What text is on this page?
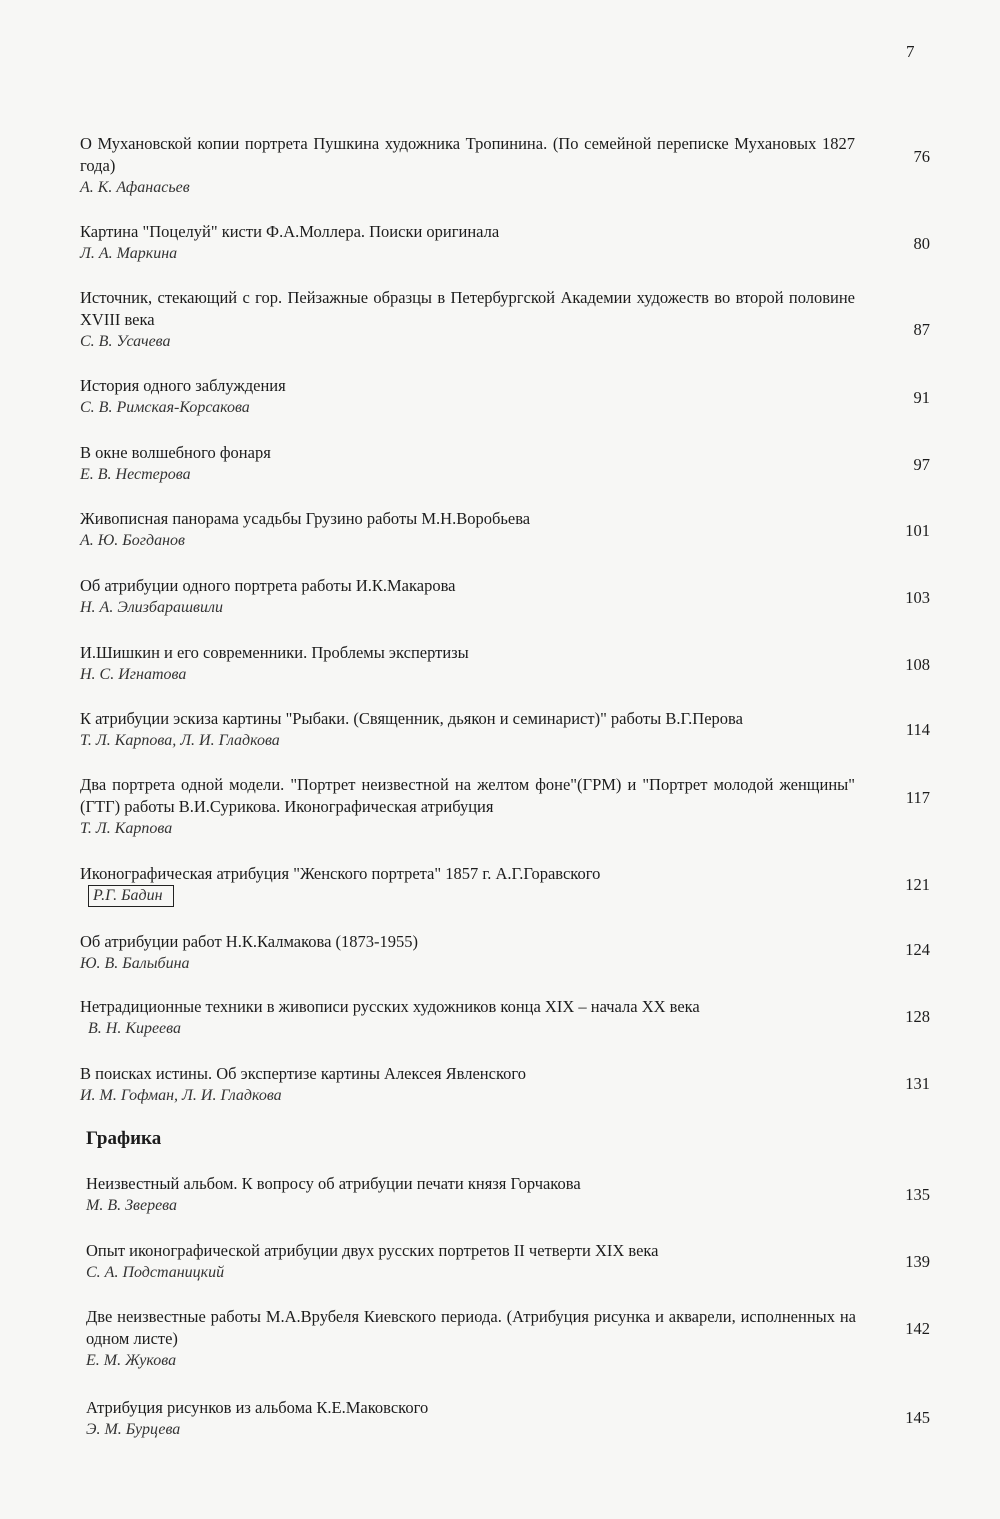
7
О Мухановской копии портрета Пушкина художника Тропинина. (По семейной переписке Мухановых 1827 года)
А. К. Афанасьев
76
Картина "Поцелуй" кисти Ф.А.Моллера. Поиски оригинала
Л. А. Маркина
80
Источник, стекающий с гор. Пейзажные образцы в Петербургской Академии художеств во второй половине XVIII века
С. В. Усачева
87
История одного заблуждения
С. В. Римская-Корсакова
91
В окне волшебного фонаря
Е. В. Нестерова
97
Живописная панорама усадьбы Грузино работы М.Н.Воробьева
А. Ю. Богданов
101
Об атрибуции одного портрета работы И.К.Макарова
Н. А. Элизбарашвили
103
И.Шишкин и его современники. Проблемы экспертизы
Н. С. Игнатова
108
К атрибуции эскиза картины "Рыбаки. (Священник, дьякон и семинарист)" работы В.Г.Перова
Т. Л. Карпова, Л. И. Гладкова
114
Два портрета одной модели. "Портрет неизвестной на желтом фоне"(ГРМ) и "Портрет молодой женщины"(ГТГ) работы В.И.Сурикова. Иконографическая атрибуция
Т. Л. Карпова
117
Иконографическая атрибуция "Женского портрета" 1857 г. А.Г.Горавского
Р.Г. Бадин
121
Об атрибуции работ Н.К.Калмакова (1873-1955)
Ю. В. Балыбина
124
Нетрадиционные техники в живописи русских художников конца XIX – начала XX века
В. Н. Киреева
128
В поисках истины. Об экспертизе картины Алексея Явленского
И. М. Гофман, Л. И. Гладкова
131
Графика
Неизвестный альбом. К вопросу об атрибуции печати князя Горчакова
М. В. Зверева
135
Опыт иконографической атрибуции двух русских портретов II четверти XIX века
С. А. Подстаницкий
139
Две неизвестные работы М.А.Врубеля Киевского периода. (Атрибуция рисунка и акварели, исполненных на одном листе)
Е. М. Жукова
142
Атрибуция рисунков из альбома К.Е.Маковского
Э. М. Бурцева
145
